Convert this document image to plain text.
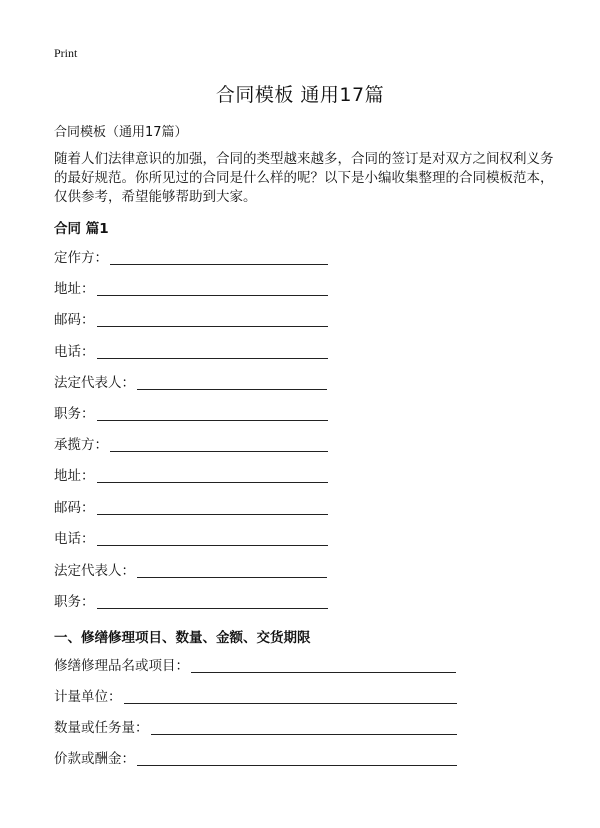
Print
合同模板 通用17篇
合同模板（通用17篇）

随着人们法律意识的加强，合同的类型越来越多，合同的签订是对双方之间权利义务的最好规范。你所见过的合同是什么样的呢？以下是小编收集整理的合同模板范本，仅供参考，希望能够帮助到大家。

合同 篇1
定作方：
地址：
邮码：
电话：
法定代表人：
职务：
承揽方：
地址：
邮码：
电话：
法定代表人：
职务：
一、修缮修理项目、数量、金额、交货期限
修缮修理品名或项目：
计量单位：
数量或任务量：
价款或酬金：
